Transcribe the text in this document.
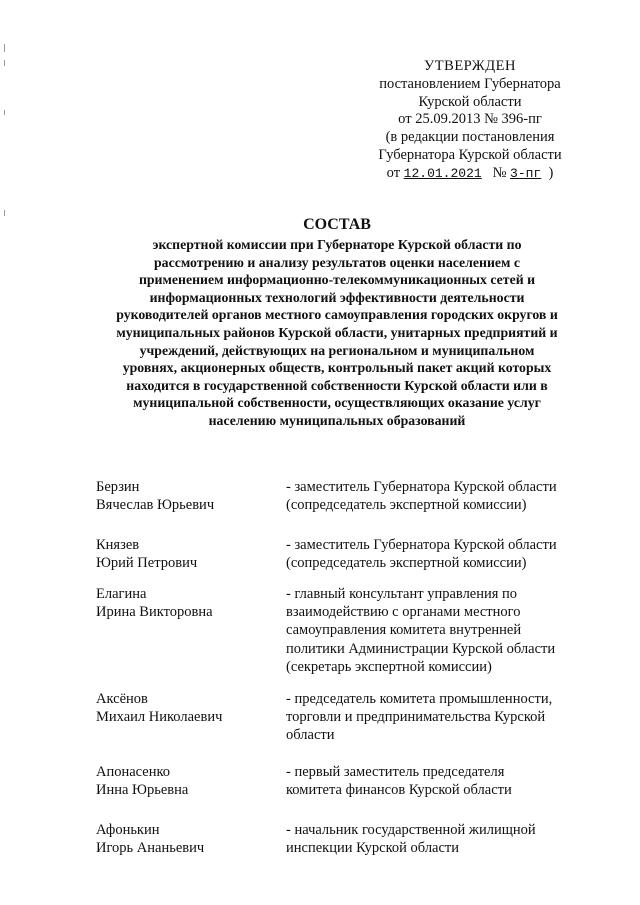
УТВЕРЖДЕН
постановлением Губернатора
Курской области
от 25.09.2013 № 396-пг
(в редакции постановления
Губернатора Курской области
от 12.01.2021 № 3-пг )
СОСТАВ
экспертной комиссии при Губернаторе Курской области по
рассмотрению и анализу результатов оценки населением с
применением информационно-телекоммуникационных сетей и
информационных технологий эффективности деятельности
руководителей органов местного самоуправления городских округов и
муниципальных районов Курской области, унитарных предприятий и
учреждений, действующих на региональном и муниципальном
уровнях, акционерных обществ, контрольный пакет акций которых
находится в государственной собственности Курской области или в
муниципальной собственности, осуществляющих оказание услуг
населению муниципальных образований
Берзин
Вячеслав Юрьевич
- заместитель Губернатора Курской области
(сопредседатель экспертной комиссии)
Князев
Юрий Петрович
- заместитель Губернатора Курской области
(сопредседатель экспертной комиссии)
Елагина
Ирина Викторовна
- главный консультант управления по
взаимодействию с органами местного
самоуправления комитета внутренней
политики Администрации Курской области
(секретарь экспертной комиссии)
Аксёнов
Михаил Николаевич
- председатель комитета промышленности,
торговли и предпринимательства Курской
области
Апонасенко
Инна Юрьевна
- первый заместитель председателя
комитета финансов Курской области
Афонькин
Игорь Ананьевич
- начальник государственной жилищной
инспекции Курской области
